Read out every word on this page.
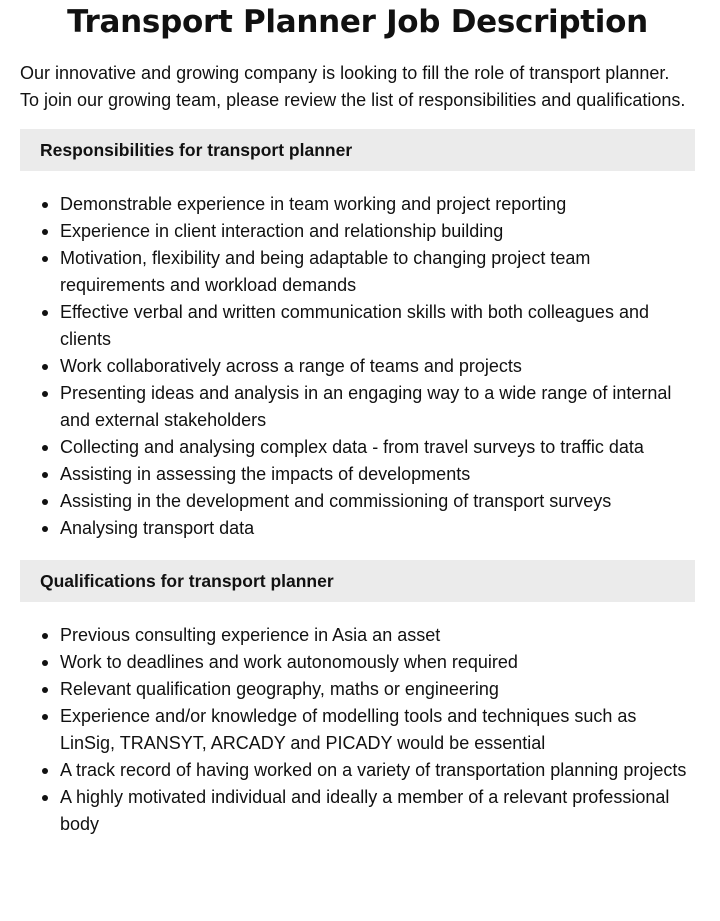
Transport Planner Job Description

Our innovative and growing company is looking to fill the role of transport planner. To join our growing team, please review the list of responsibilities and qualifications.

Responsibilities for transport planner
Demonstrable experience in team working and project reporting
Experience in client interaction and relationship building
Motivation, flexibility and being adaptable to changing project team requirements and workload demands
Effective verbal and written communication skills with both colleagues and clients
Work collaboratively across a range of teams and projects
Presenting ideas and analysis in an engaging way to a wide range of internal and external stakeholders
Collecting and analysing complex data - from travel surveys to traffic data
Assisting in assessing the impacts of developments
Assisting in the development and commissioning of transport surveys
Analysing transport data
Qualifications for transport planner
Previous consulting experience in Asia an asset
Work to deadlines and work autonomously when required
Relevant qualification geography, maths or engineering
Experience and/or knowledge of modelling tools and techniques such as LinSig, TRANSYT, ARCADY and PICADY would be essential
A track record of having worked on a variety of transportation planning projects
A highly motivated individual and ideally a member of a relevant professional body
